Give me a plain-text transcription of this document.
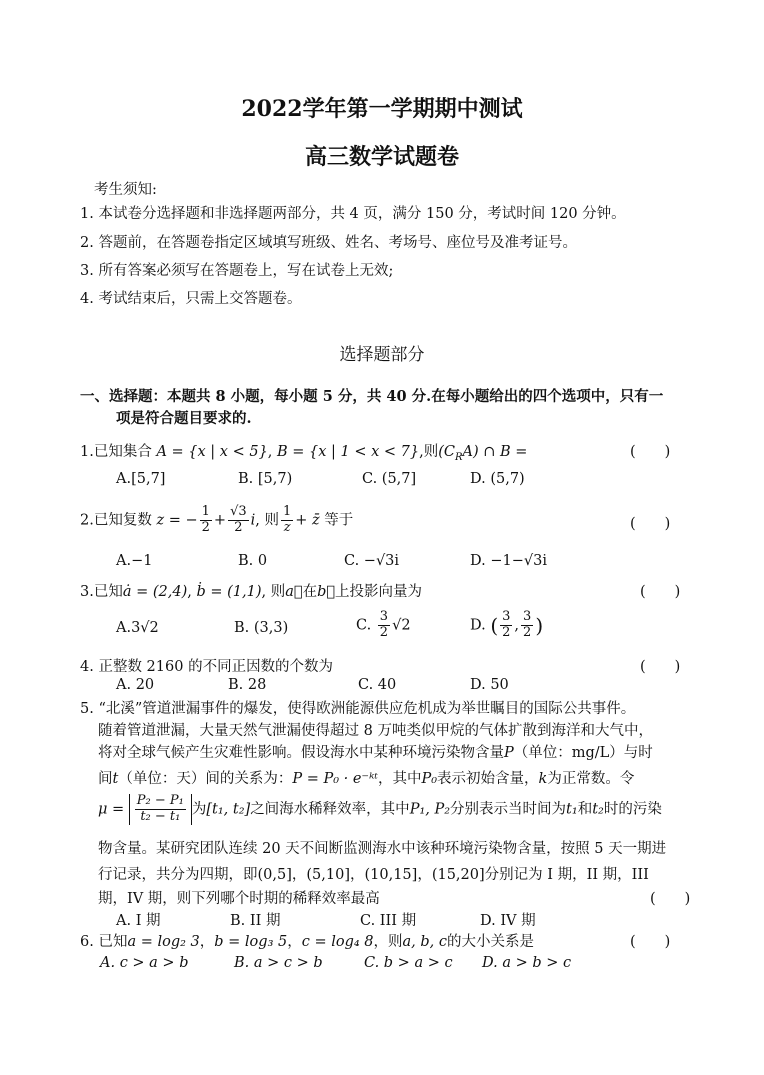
2022学年第一学期期中测试
高三数学试题卷
考生须知:
1. 本试卷分选择题和非选择题两部分，共 4 页，满分 150 分，考试时间 120 分钟。
2. 答题前，在答题卷指定区域填写班级、姓名、考场号、座位号及准考证号。
3. 所有答案必须写在答题卷上，写在试卷上无效;
4. 考试结束后，只需上交答题卷。
选择题部分
一、选择题：本题共 8 小题，每小题 5 分，共 40 分.在每小题给出的四个选项中，只有一
项是符合题目要求的.
1.已知集合 A = {x | x < 5}, B = {x | 1 < x < 7},则$(C_RA)$ ∩ B =	(　　)
A.[5,7]	B. [5,7)	C. (5,7]	D. (5,7)
2.已知复数 z = − $\frac{1}{2} + \frac{√3}{2} i$, 则 $\frac{1}{z}$ + z̄ 等于	(　　)
A.−1	B. 0	C. −√3i	D. −1−√3i
3.已知ȧ = (2,4), ḃ = (1,1), 则a⃗在b⃗上投影向量为	(　　)
A.3√2	B. (3,3)	C. $\frac{3}{2} √2$	D. ( $\frac{3}{2}$ , $\frac{3}{2}$ )
4. 正整数 2160 的不同正因数的个数为	(　　)
A. 20	B. 28	C. 40	D. 50
5. “北溪”管道泄漏事件的爆发，使得欧洲能源供应危机成为举世瞩目的国际公共事件。
随着管道泄漏，大量天然气泄漏使得超过 8 万吨类似甲烷的气体扩散到海洋和大气中，
将对全球气候产生灾难性影响。假设海水中某种环境污染物含量P（单位：mg/L）与时
间t（单位：天）间的关系为：P = P₀ · e⁻ᵏᵗ，其中P₀表示初始含量，k为正常数。令
$\mu = \frac{\text{P₂ − P₁}}{\text{t₂ − t₁}}$ 为[t₁, t₂]之间海水稀释效率，其中P₁, P₂分别表示当时间为t₁和t₂时的污染
物含量。某研究团队连续 20 天不间断监测海水中该种环境污染物含量，按照 5 天一期进
行记录，共分为四期，即(0,5]，(5,10]，(10,15]，(15,20]分别记为 I 期，II 期，III
期，IV 期，则下列哪个时期的稀释效率最高	(　　)
A. I 期	B. II 期	C. III 期	D. IV 期
6. 已知a = log₂ 3，b = log₃ 5，c = log₄ 8，则a, b, c的大小关系是	(　　)
A. c > a > b	B. a > c > b	C. b > a > c D. a > b > c
